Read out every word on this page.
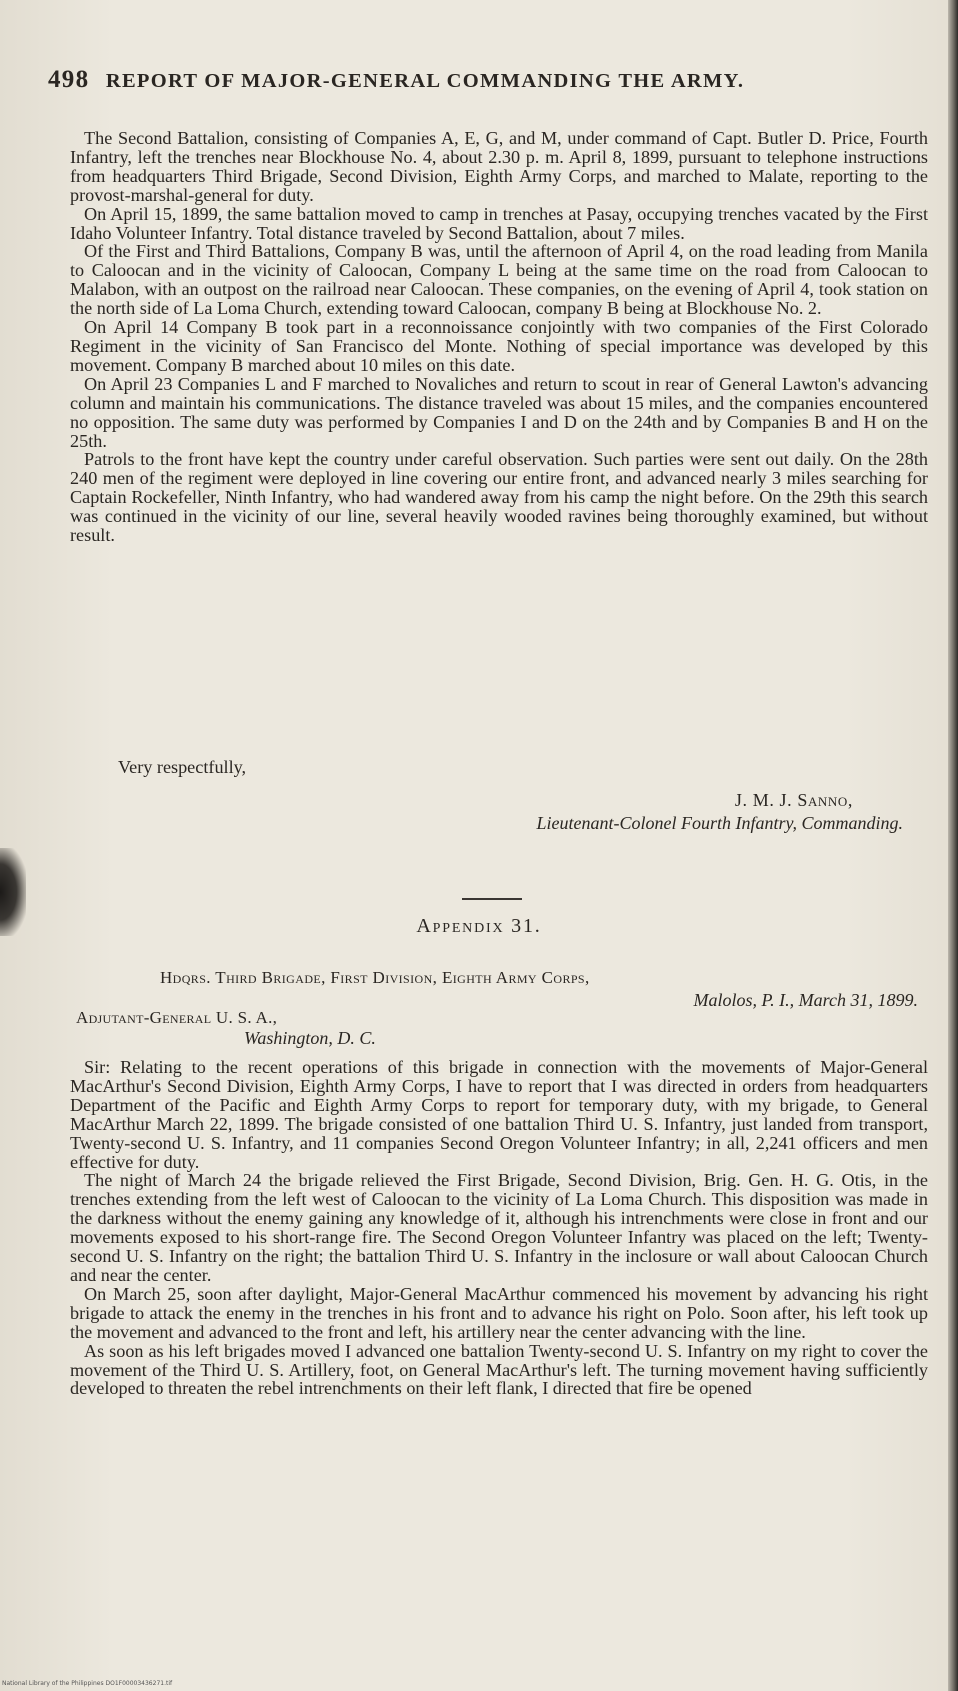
498 REPORT OF MAJOR-GENERAL COMMANDING THE ARMY.

The Second Battalion, consisting of Companies A, E, G, and M, under command of Capt. Butler D. Price, Fourth Infantry, left the trenches near Blockhouse No. 4, about 2.30 p. m. April 8, 1899, pursuant to telephone instructions from headquarters Third Brigade, Second Division, Eighth Army Corps, and marched to Malate, reporting to the provost-marshal-general for duty.

On April 15, 1899, the same battalion moved to camp in trenches at Pasay, occupying trenches vacated by the First Idaho Volunteer Infantry. Total distance traveled by Second Battalion, about 7 miles.

Of the First and Third Battalions, Company B was, until the afternoon of April 4, on the road leading from Manila to Caloocan and in the vicinity of Caloocan, Company L being at the same time on the road from Caloocan to Malabon, with an outpost on the railroad near Caloocan. These companies, on the evening of April 4, took station on the north side of La Loma Church, extending toward Caloocan, company B being at Blockhouse No. 2.

On April 14 Company B took part in a reconnoissance conjointly with two companies of the First Colorado Regiment in the vicinity of San Francisco del Monte. Nothing of special importance was developed by this movement. Company B marched about 10 miles on this date.

On April 23 Companies L and F marched to Novaliches and return to scout in rear of General Lawton's advancing column and maintain his communications. The distance traveled was about 15 miles, and the companies encountered no opposition. The same duty was performed by Companies I and D on the 24th and by Companies B and H on the 25th.

Patrols to the front have kept the country under careful observation. Such parties were sent out daily. On the 28th 240 men of the regiment were deployed in line covering our entire front, and advanced nearly 3 miles searching for Captain Rockefeller, Ninth Infantry, who had wandered away from his camp the night before. On the 29th this search was continued in the vicinity of our line, several heavily wooded ravines being thoroughly examined, but without result.

Very respectfully,
J. M. J. Sanno,
Lieutenant-Colonel Fourth Infantry, Commanding.
Appendix 31.
Hdqrs. Third Brigade, First Division, Eighth Army Corps,
Malolos, P. I., March 31, 1899.
Adjutant-General U. S. A.,
Washington, D. C.

Sir: Relating to the recent operations of this brigade in connection with the movements of Major-General MacArthur's Second Division, Eighth Army Corps, I have to report that I was directed in orders from headquarters Department of the Pacific and Eighth Army Corps to report for temporary duty, with my brigade, to General MacArthur March 22, 1899. The brigade consisted of one battalion Third U. S. Infantry, just landed from transport, Twenty-second U. S. Infantry, and 11 companies Second Oregon Volunteer Infantry; in all, 2,241 officers and men effective for duty.

The night of March 24 the brigade relieved the First Brigade, Second Division, Brig. Gen. H. G. Otis, in the trenches extending from the left west of Caloocan to the vicinity of La Loma Church. This disposition was made in the darkness without the enemy gaining any knowledge of it, although his intrenchments were close in front and our movements exposed to his short-range fire. The Second Oregon Volunteer Infantry was placed on the left; Twenty-second U. S. Infantry on the right; the battalion Third U. S. Infantry in the inclosure or wall about Caloocan Church and near the center.

On March 25, soon after daylight, Major-General MacArthur commenced his movement by advancing his right brigade to attack the enemy in the trenches in his front and to advance his right on Polo. Soon after, his left took up the movement and advanced to the front and left, his artillery near the center advancing with the line.

As soon as his left brigades moved I advanced one battalion Twenty-second U. S. Infantry on my right to cover the movement of the Third U. S. Artillery, foot, on General MacArthur's left. The turning movement having sufficiently developed to threaten the rebel intrenchments on their left flank, I directed that fire be opened

National Library of the Philippines DO1F00003436271.tif
